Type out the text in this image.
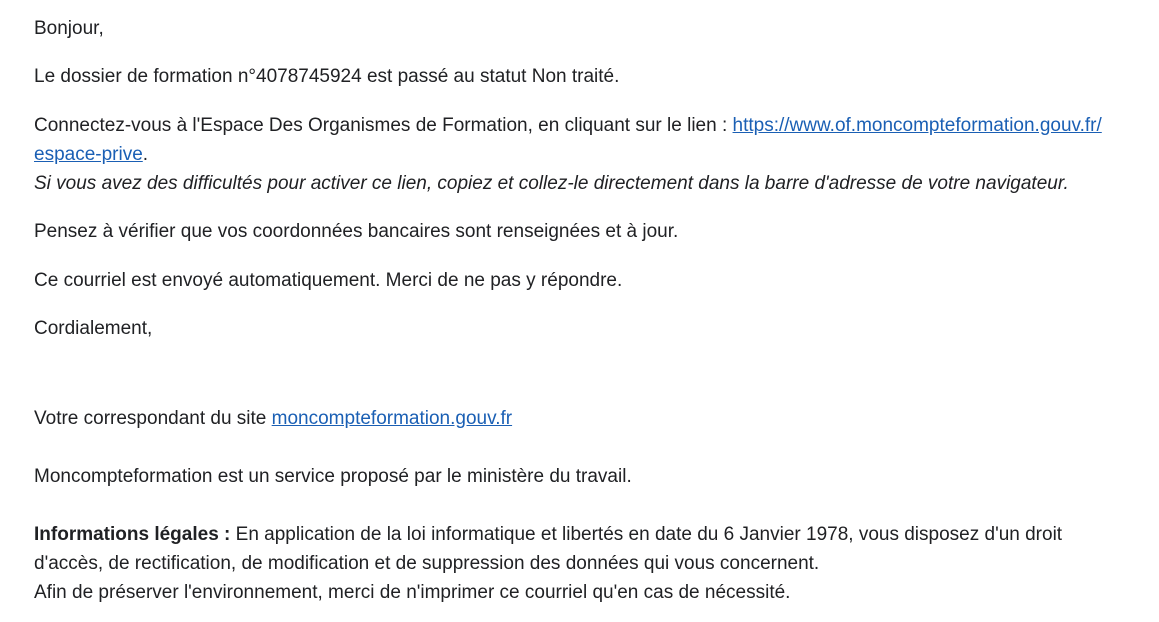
Bonjour,
Le dossier de formation n°4078745924 est passé au statut Non traité.
Connectez-vous à l'Espace Des Organismes de Formation, en cliquant sur le lien : https://www.of.moncompteformation.gouv.fr/
espace-prive.
Si vous avez des difficultés pour activer ce lien, copiez et collez-le directement dans la barre d'adresse de votre navigateur.
Pensez à vérifier que vos coordonnées bancaires sont renseignées et à jour.
Ce courriel est envoyé automatiquement. Merci de ne pas y répondre.
Cordialement,
Votre correspondant du site moncompteformation.gouv.fr
Moncompteformation est un service proposé par le ministère du travail.
Informations légales : En application de la loi informatique et libertés en date du 6 Janvier 1978, vous disposez d'un droit
d'accès, de rectification, de modification et de suppression des données qui vous concernent.
Afin de préserver l'environnement, merci de n'imprimer ce courriel qu'en cas de nécessité.
